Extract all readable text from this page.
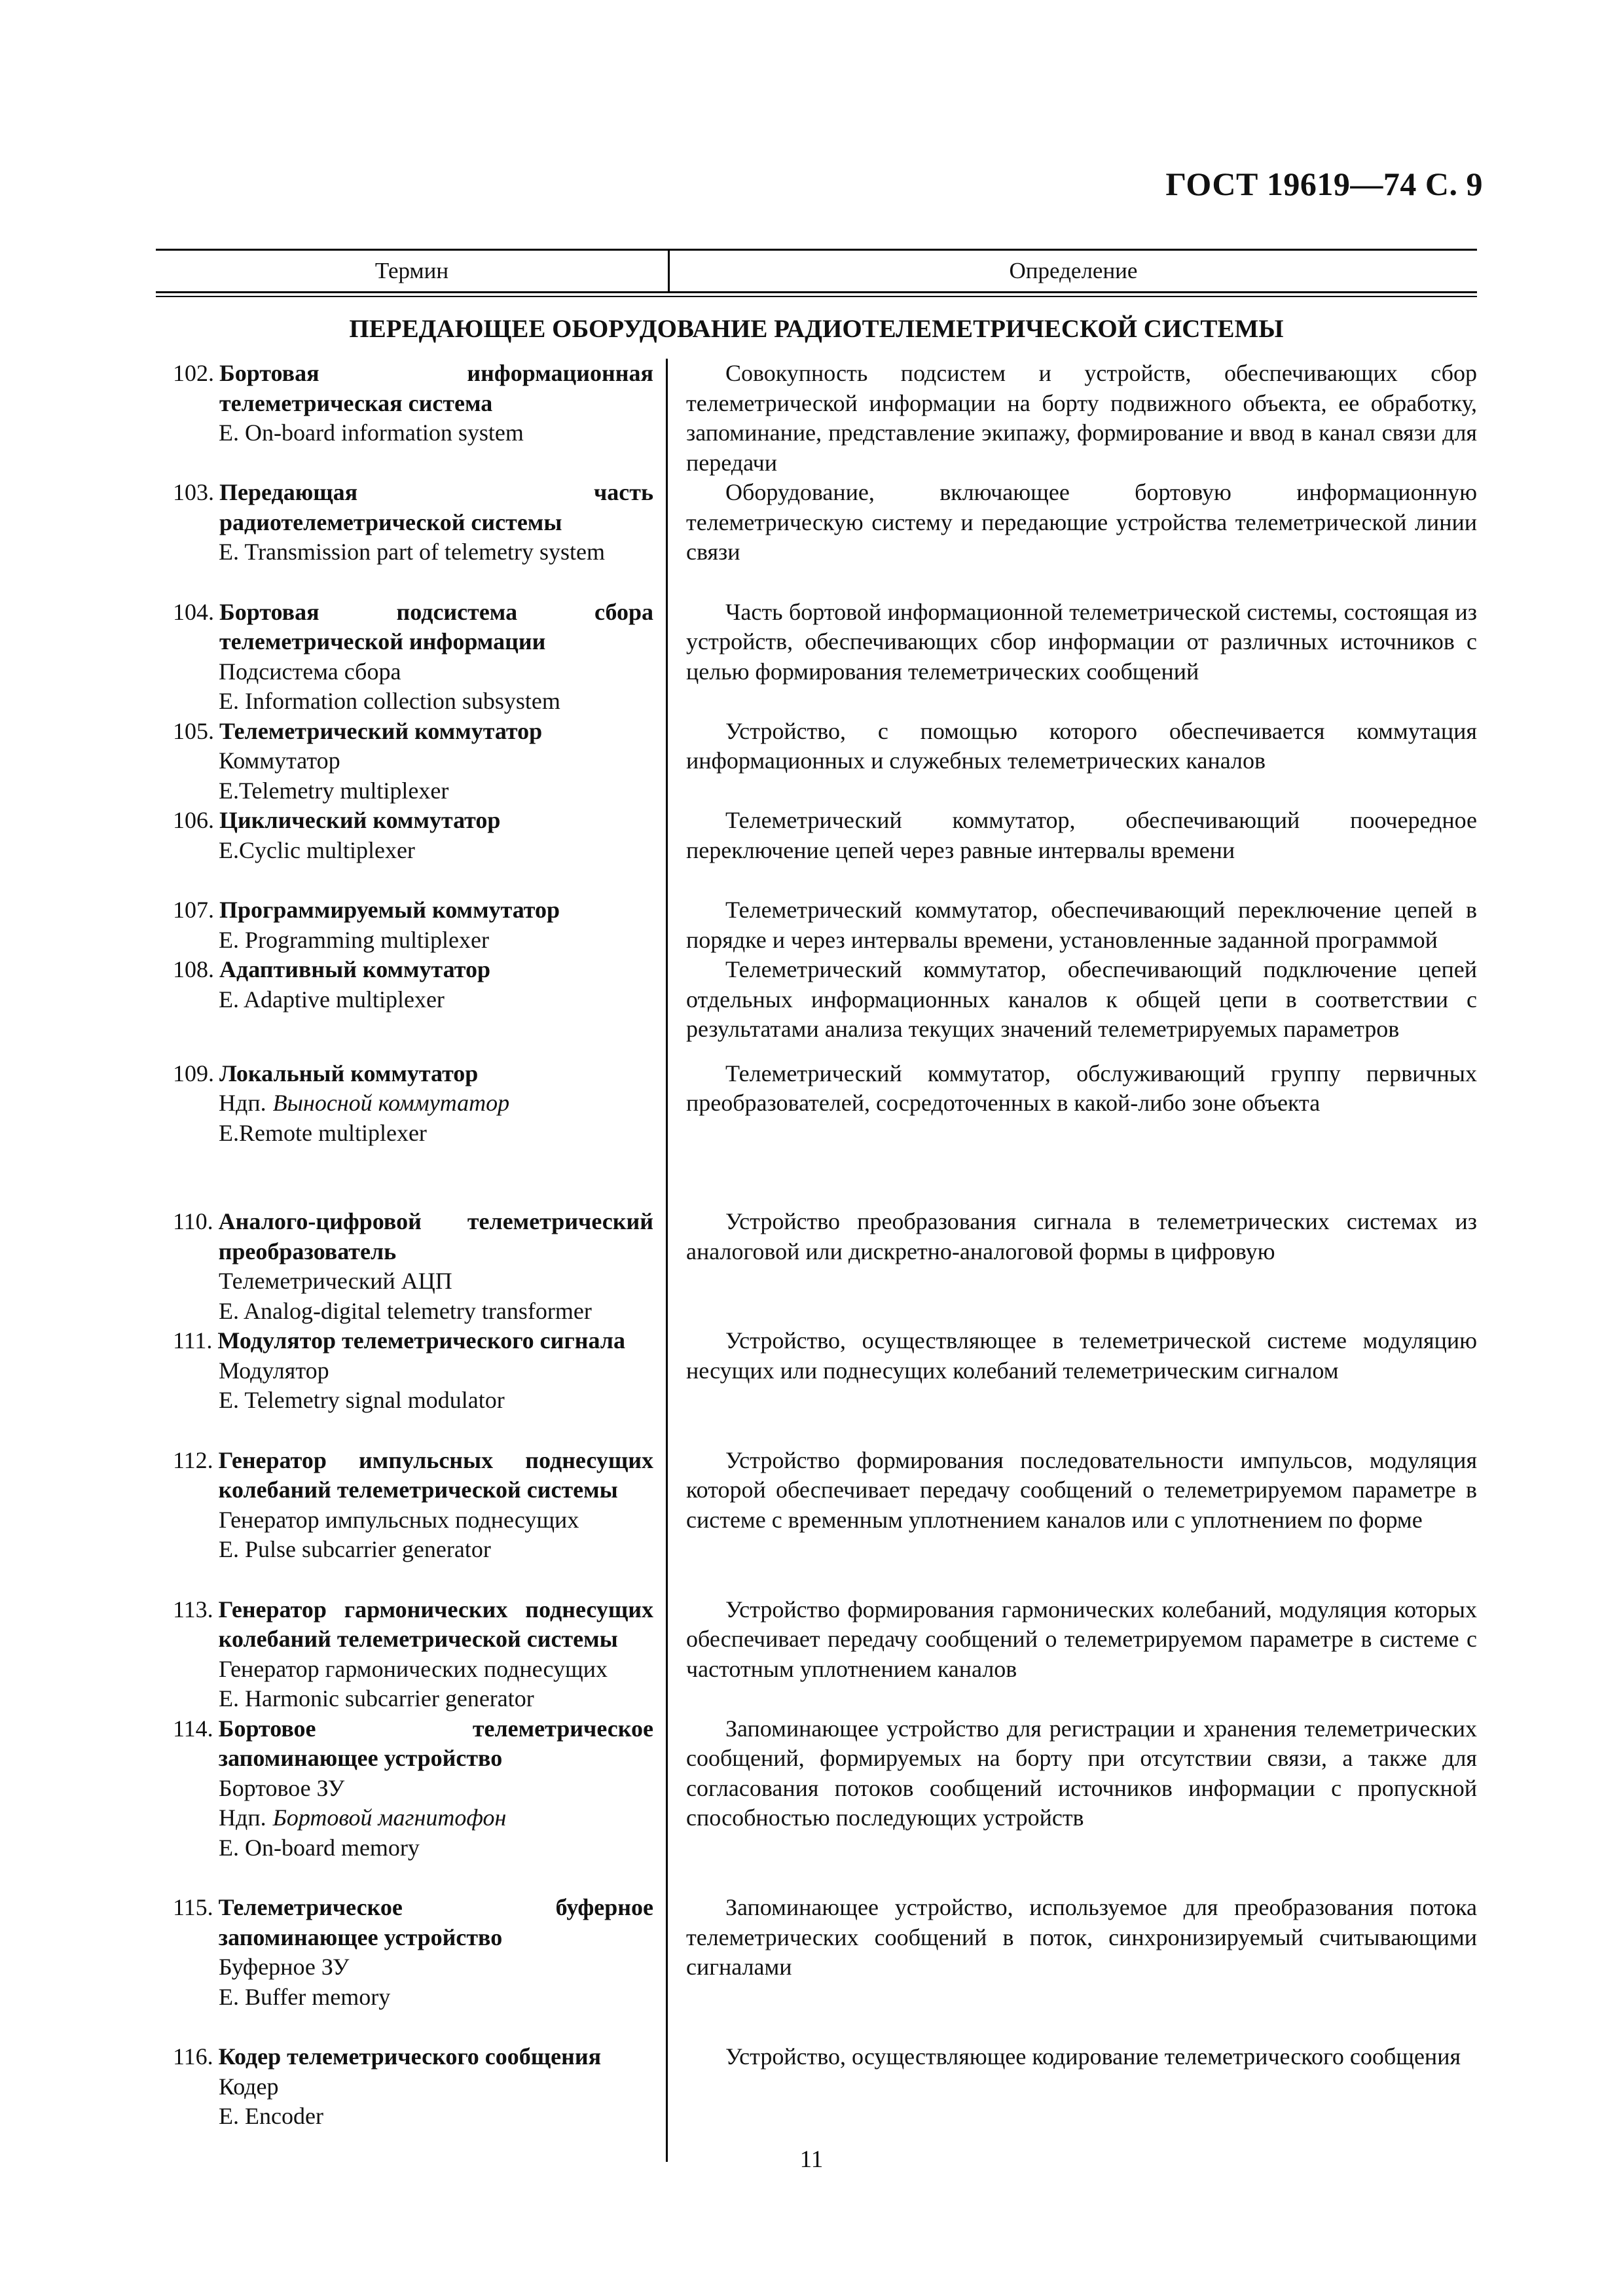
ГОСТ 19619—74 С. 9
Термин	Определение
ПЕРЕДАЮЩЕЕ ОБОРУДОВАНИЕ РАДИОТЕЛЕМЕТРИЧЕСКОЙ СИСТЕМЫ
102. Бортовая информационная телеметрическая система
E. On-board information system
Совокупность подсистем и устройств, обеспечивающих сбор телеметрической информации на борту подвижного объекта, ее обработку, запоминание, представление экипажу, формирование и ввод в канал связи для передачи
103. Передающая часть радиотелеметрической системы
E. Transmission part of telemetry system
Оборудование, включающее бортовую информационную телеметрическую систему и передающие устройства телеметрической линии связи
104. Бортовая подсистема сбора телеметрической информации
Подсистема сбора
E. Information collection subsystem
Часть бортовой информационной телеметрической системы, состоящая из устройств, обеспечивающих сбор информации от различных источников с целью формирования телеметрических сообщений
105. Телеметрический коммутатор
Коммутатор
E.Telemetry multiplexer
Устройство, с помощью которого обеспечивается коммутация информационных и служебных телеметрических каналов
106. Циклический коммутатор
E.Cyclic multiplexer
Телеметрический коммутатор, обеспечивающий поочередное переключение цепей через равные интервалы времени
107. Программируемый коммутатор
E. Programming multiplexer
Телеметрический коммутатор, обеспечивающий переключение цепей в порядке и через интервалы времени, установленные заданной программой
108. Адаптивный коммутатор
E. Adaptive multiplexer
Телеметрический коммутатор, обеспечивающий подключение цепей отдельных информационных каналов к общей цепи в соответствии с результатами анализа текущих значений телеметрируемых параметров
109. Локальный коммутатор
Ндп. Выносной коммутатор
E.Remote multiplexer
Телеметрический коммутатор, обслуживающий группу первичных преобразователей, сосредоточенных в какой-либо зоне объекта
110. Аналого-цифровой телеметрический преобразователь
Телеметрический АЦП
E. Analog-digital telemetry transformer
Устройство преобразования сигнала в телеметрических системах из аналоговой или дискретно-аналоговой формы в цифровую
111. Модулятор телеметрического сигнала
Модулятор
E. Telemetry signal modulator
Устройство, осуществляющее в телеметрической системе модуляцию несущих или поднесущих колебаний телеметрическим сигналом
112. Генератор импульсных поднесущих колебаний телеметрической системы
Генератор импульсных поднесущих
E. Pulse subcarrier generator
Устройство формирования последовательности импульсов, модуляция которой обеспечивает передачу сообщений о телеметрируемом параметре в системе с временным уплотнением каналов или с уплотнением по форме
113. Генератор гармонических поднесущих колебаний телеметрической системы
Генератор гармонических поднесущих
E. Harmonic subcarrier generator
Устройство формирования гармонических колебаний, модуляция которых обеспечивает передачу сообщений о телеметрируемом параметре в системе с частотным уплотнением каналов
114. Бортовое телеметрическое запоминающее устройство
Бортовое ЗУ
Ндп. Бортовой магнитофон
E. On-board memory
Запоминающее устройство для регистрации и хранения телеметрических сообщений, формируемых на борту при отсутствии связи, а также для согласования потоков сообщений источников информации с пропускной способностью последующих устройств
115. Телеметрическое буферное запоминающее устройство
Буферное ЗУ
E. Buffer memory
Запоминающее устройство, используемое для преобразования потока телеметрических сообщений в поток, синхронизируемый считывающими сигналами
116. Кодер телеметрического сообщения
Кодер
E. Encoder
Устройство, осуществляющее кодирование телеметрического сообщения
11
